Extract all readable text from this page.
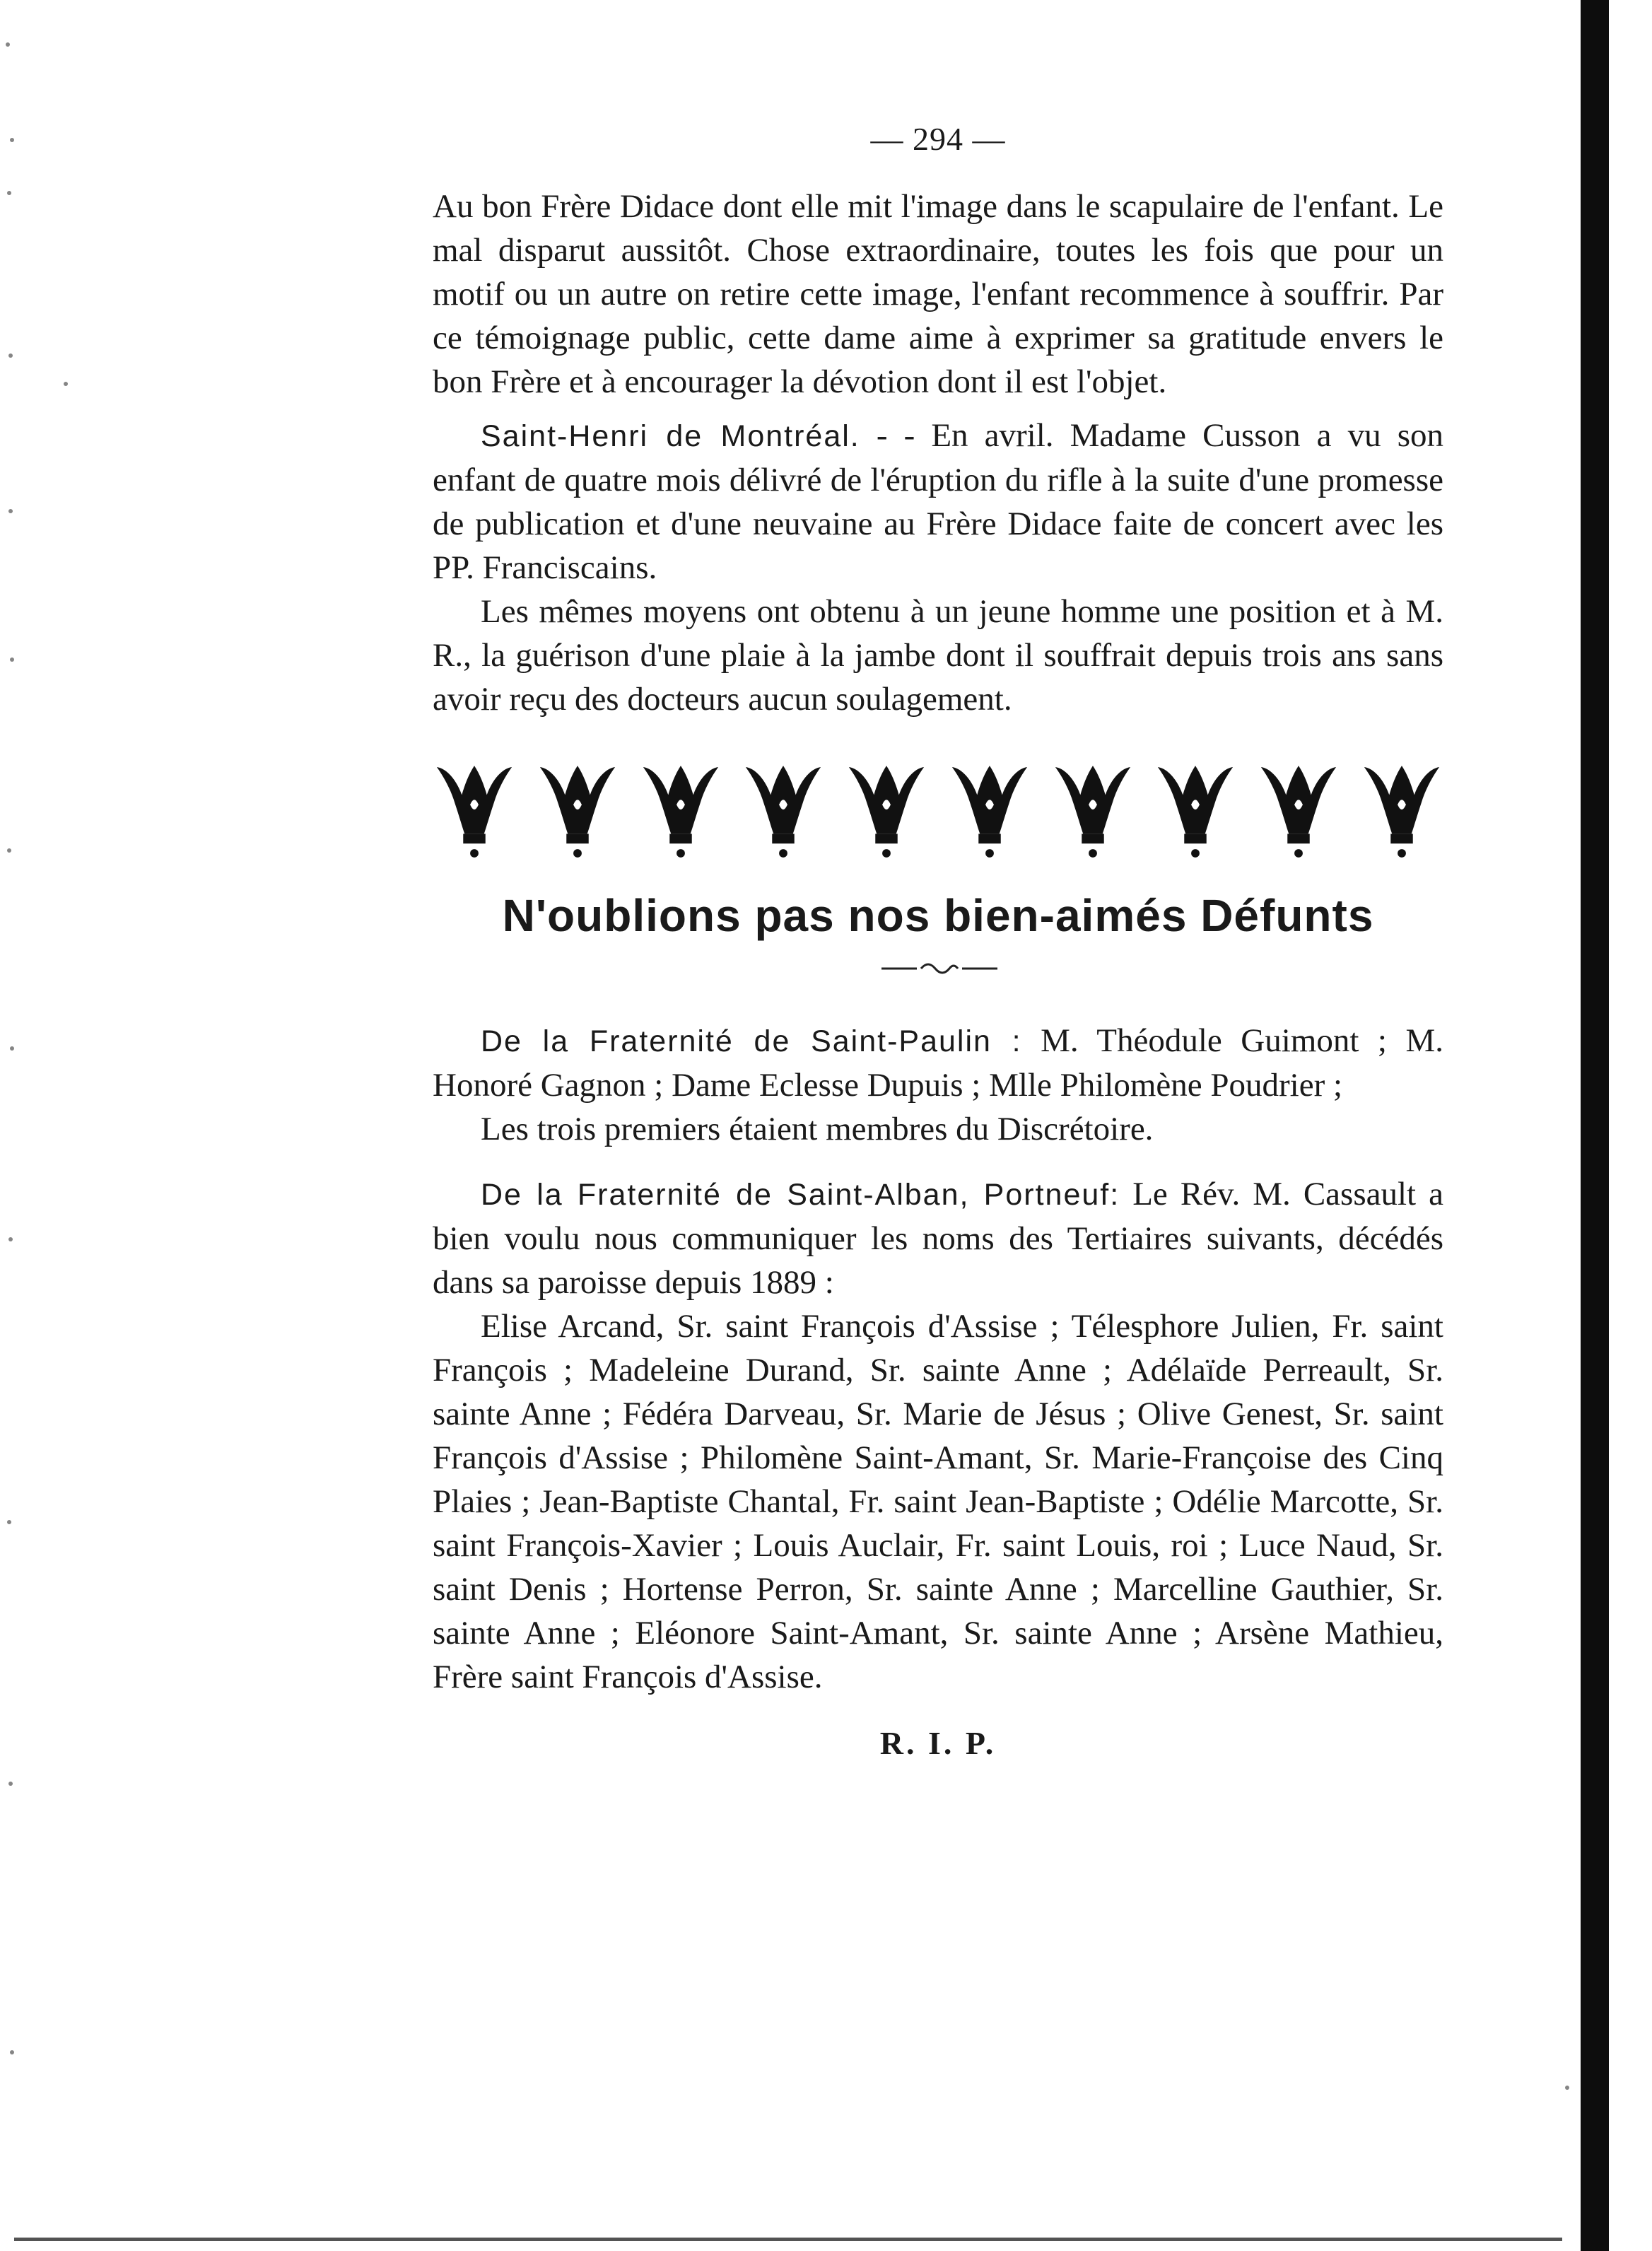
— 294 —

Au bon Frère Didace dont elle mit l'image dans le scapulaire de l'enfant. Le mal disparut aussitôt. Chose extraordinaire, toutes les fois que pour un motif ou un autre on retire cette image, l'enfant recommence à souffrir. Par ce témoignage public, cette dame aime à exprimer sa gratitude envers le bon Frère et à encourager la dévotion dont il est l'objet.

Saint-Henri de Montréal. - - En avril. Madame Cusson a vu son enfant de quatre mois délivré de l'éruption du rifle à la suite d'une promesse de publication et d'une neuvaine au Frère Didace faite de concert avec les PP. Franciscains.

Les mêmes moyens ont obtenu à un jeune homme une position et à M. R., la guérison d'une plaie à la jambe dont il souffrait depuis trois ans sans avoir reçu des docteurs aucun soulagement.

N'oublions pas nos bien-aimés Défunts

De la Fraternité de Saint-Paulin : M. Théodule Guimont ; M. Honoré Gagnon ; Dame Eclesse Dupuis ; Mlle Philomène Poudrier ;

Les trois premiers étaient membres du Discrétoire.

De la Fraternité de Saint-Alban, Portneuf: Le Rév. M. Cassault a bien voulu nous communiquer les noms des Tertiaires suivants, décédés dans sa paroisse depuis 1889 :

Elise Arcand, Sr. saint François d'Assise ; Télesphore Julien, Fr. saint François ; Madeleine Durand, Sr. sainte Anne ; Adélaïde Perreault, Sr. sainte Anne ; Fédéra Darveau, Sr. Marie de Jésus ; Olive Genest, Sr. saint François d'Assise ; Philomène Saint-Amant, Sr. Marie-Françoise des Cinq Plaies ; Jean-Baptiste Chantal, Fr. saint Jean-Baptiste ; Odélie Marcotte, Sr. saint François-Xavier ; Louis Auclair, Fr. saint Louis, roi ; Luce Naud, Sr. saint Denis ; Hortense Perron, Sr. sainte Anne ; Marcelline Gauthier, Sr. sainte Anne ; Eléonore Saint-Amant, Sr. sainte Anne ; Arsène Mathieu, Frère saint François d'Assise.

R. I. P.
